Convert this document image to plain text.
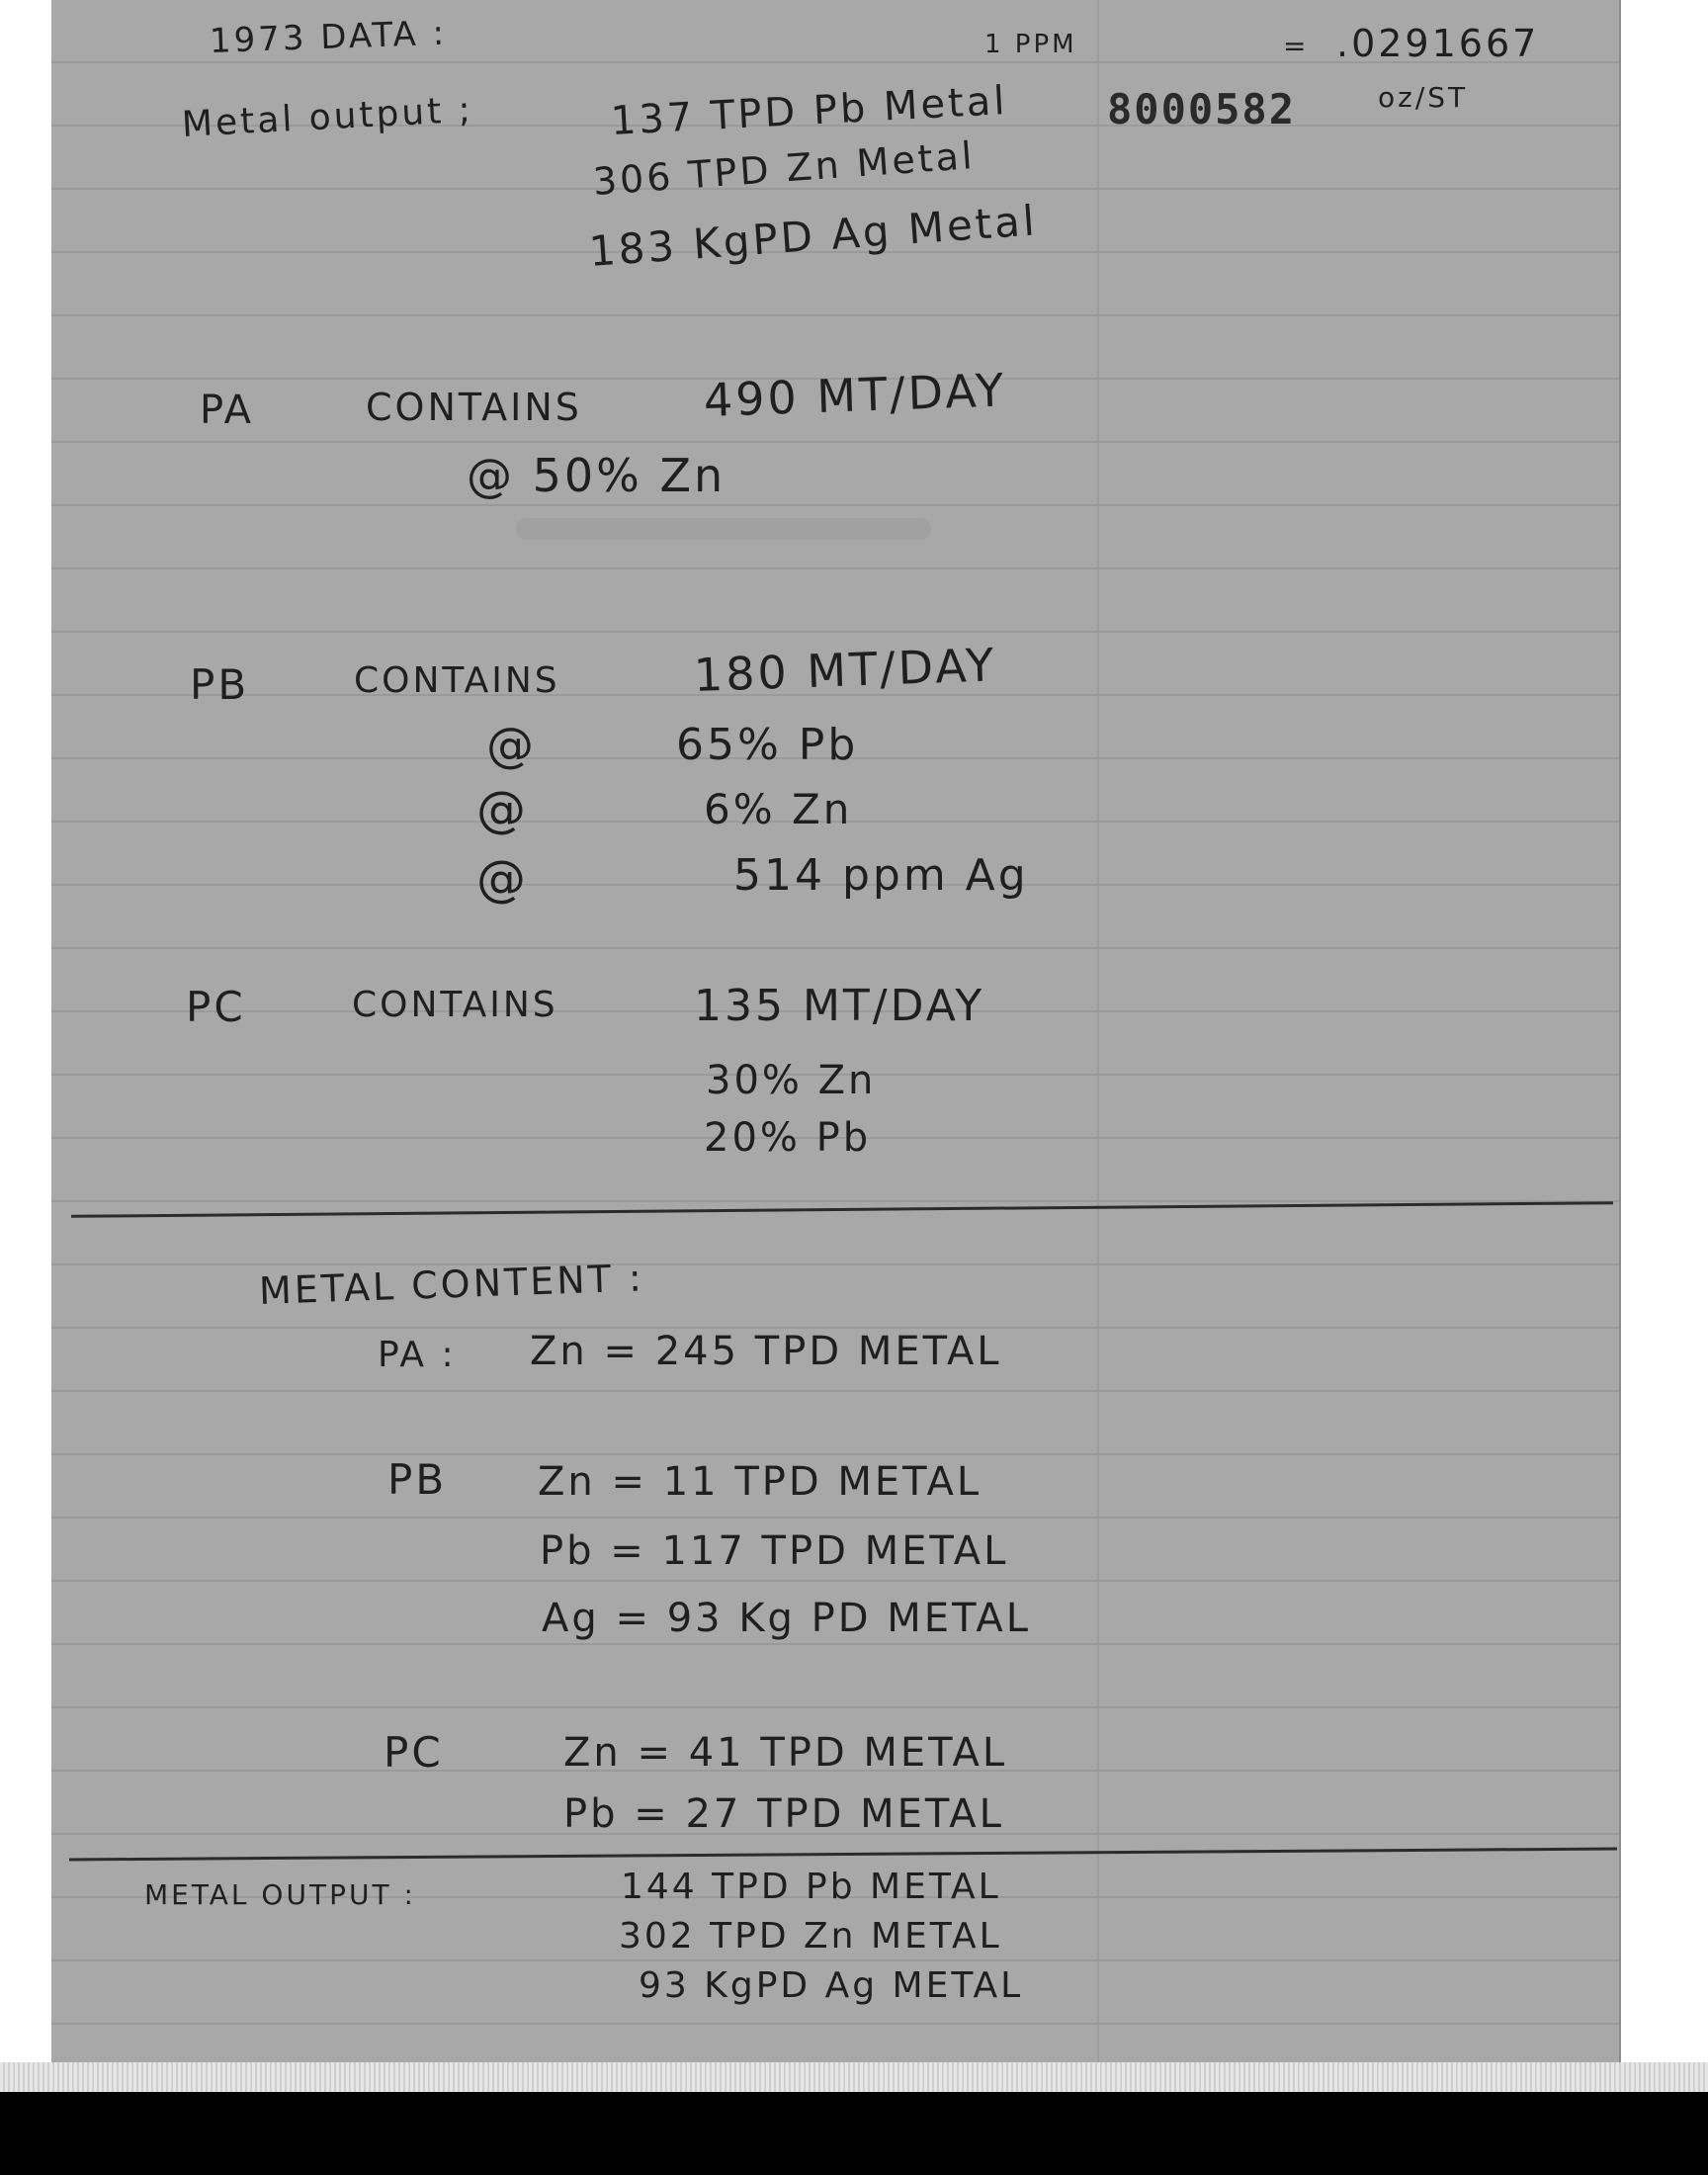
1973 DATA :
Metal output ;	137 TPD Pb Metal
306 TPD Zn Metal
183 KgPD Ag Metal
1 PPM	= .0291667
oz/ST
8000582
PA	CONTAINS	490 MT/DAY
@ 50% Zn
PB	CONTAINS	180 MT/DAY
@	65% Pb
@	6% Zn
@	514 ppm Ag
PC	CONTAINS	135 MT/DAY
30% Zn
20% Pb
METAL CONTENT :
PA : Zn = 245 TPD METAL
PB Zn = 11 TPD METAL
Pb = 117 TPD METAL
Ag = 93 Kg PD METAL
PC	Zn = 41 TPD METAL
Pb = 27 TPD METAL
METAL OUTPUT :	144 TPD Pb METAL
302 TPD Zn METAL
93 KgPD Ag METAL
